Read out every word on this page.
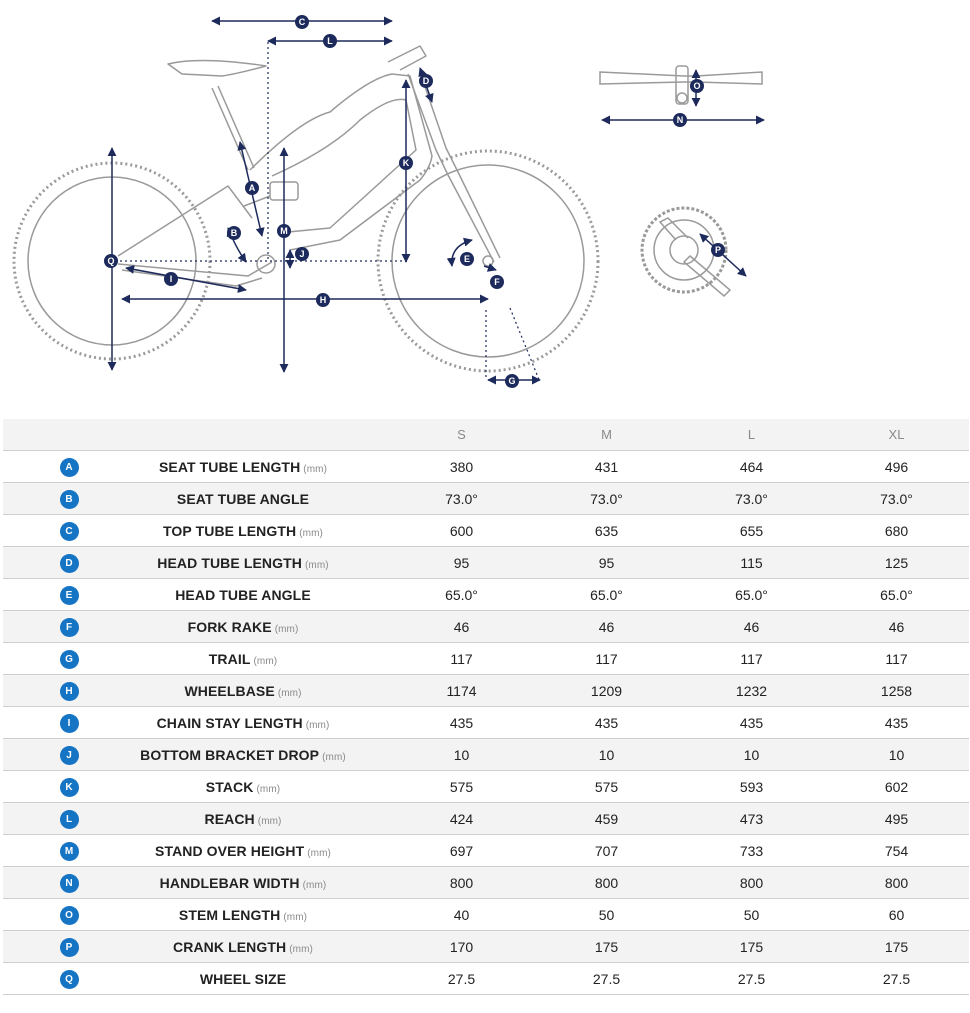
C
L
D
K
A
M
B
J	E
F
Q
I
H
G
O
N
P
		S	M	L	XL
A	SEAT TUBE LENGTH (mm)	380	431	464	496
B	SEAT TUBE ANGLE	73.0°	73.0°	73.0°	73.0°
C	TOP TUBE LENGTH (mm)	600	635	655	680
D	HEAD TUBE LENGTH (mm)	95	95	115	125
E	HEAD TUBE ANGLE	65.0°	65.0°	65.0°	65.0°
F	FORK RAKE (mm)	46	46	46	46
G	TRAIL (mm)	117	117	117	117
H	WHEELBASE (mm)	1174	1209	1232	1258
I	CHAIN STAY LENGTH (mm)	435	435	435	435
J	BOTTOM BRACKET DROP (mm)	10	10	10	10
K	STACK (mm)	575	575	593	602
L	REACH (mm)	424	459	473	495
M	STAND OVER HEIGHT (mm)	697	707	733	754
N	HANDLEBAR WIDTH (mm)	800	800	800	800
O	STEM LENGTH (mm)	40	50	50	60
P	CRANK LENGTH (mm)	170	175	175	175
Q	WHEEL SIZE	27.5	27.5	27.5	27.5
